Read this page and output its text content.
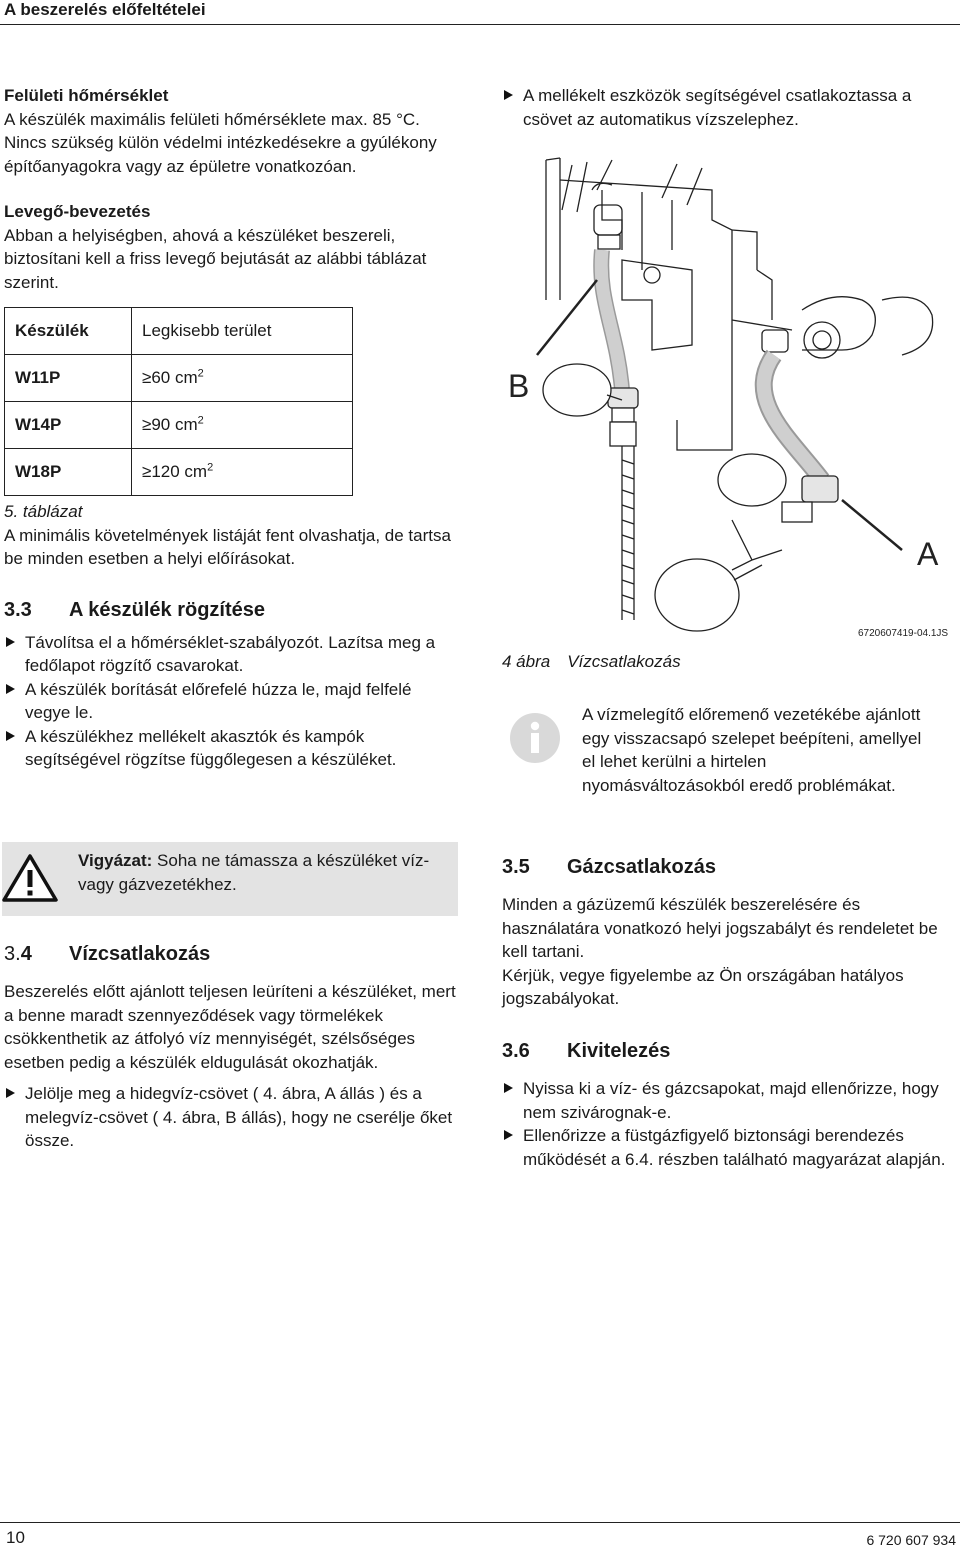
A beszerelés előfeltételei

Felületi hőmérséklet

A készülék maximális felületi hőmérséklete max. 85 °C. Nincs szükség külön védelmi intézkedésekre a gyúlékony építőanyagokra vagy az épületre vonatkozóan.

Levegő-bevezetés

Abban a helyiségben, ahová a készüléket beszereli, biztosítani kell a friss levegő bejutását az alábbi táblázat szerint.

Készülék	Legkisebb terület
W11P	≥60 $cm^2$
W14P	≥90 $cm^2$
W18P	≥120 $cm^2$

5. táblázat

A minimális követelmények listáját fent olvashatja, de tartsa be minden esetben a helyi előírásokat.

3.3 A készülék rögzítése
Távolítsa el a hőmérséklet-szabályozót. Lazítsa meg a fedőlapot rögzítő csavarokat.
A készülék borítását előrefelé húzza le, majd felfelé vegye le.
A készülékhez mellékelt akasztók és kampók segítségével rögzítse függőlegesen a készüléket.

Vigyázat: Soha ne támassza a készüléket víz- vagy gázvezetékhez.

3.4 Vízcsatlakozás

Beszerelés előtt ajánlott teljesen leüríteni a készüléket, mert a benne maradt szennyeződések vagy törmelékek csökkenthetik az átfolyó víz mennyiségét, szélsőséges esetben pedig a készülék eldugulását okozhatják.

Jelölje meg a hidegvíz-csövet ( 4. ábra, A állás ) és a melegvíz-csövet ( 4. ábra, B állás), hogy ne cserélje őket össze.
A mellékelt eszközök segítségével csatlakoztassa a csövet az automatikus vízszelephez.
B
A
6720607419-04.1JS

4 ábra Vízcsatlakozás

A vízmelegítő előremenő vezetékébe ajánlott egy visszacsapó szelepet beépíteni, amellyel el lehet kerülni a hirtelen nyomásváltozásokból eredő problémákat.

3.5 Gázcsatlakozás

Minden a gázüzemű készülék beszerelésére és használatára vonatkozó helyi jogszabályt és rendeletet be kell tartani.

Kérjük, vegye figyelembe az Ön országában hatályos jogszabályokat.

3.6 Kivitelezés
Nyissa ki a víz- és gázcsapokat, majd ellenőrizze, hogy nem szivárognak-e.
Ellenőrizze a füstgázfigyelő biztonsági berendezés működését a 6.4. részben található magyarázat alapján.
10	6 720 607 934
